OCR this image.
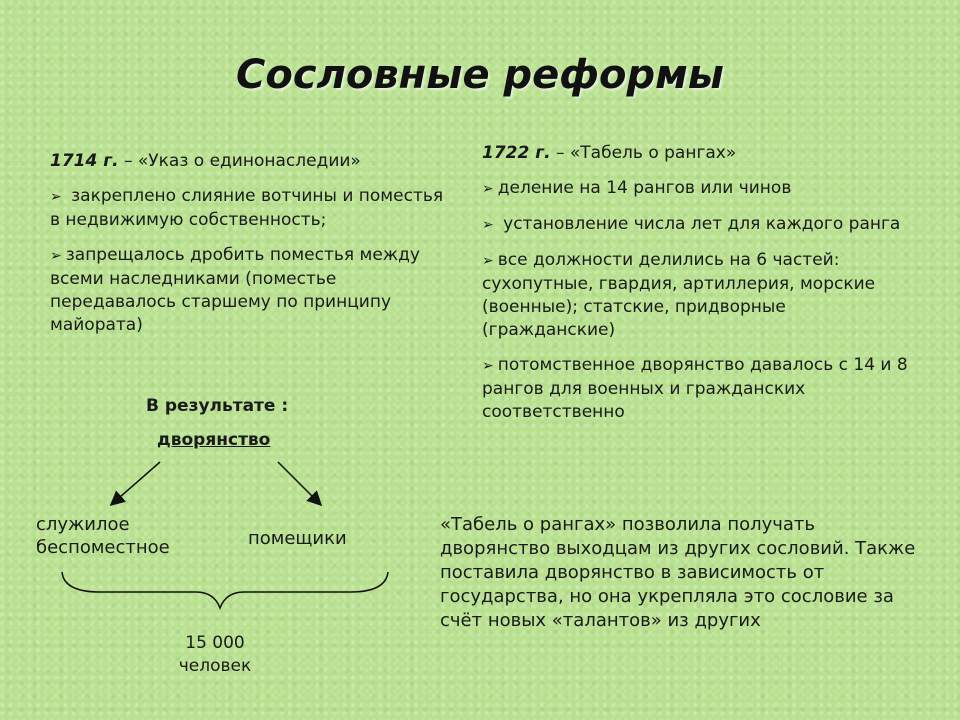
Сословные реформы

1714 г. – «Указ о единонаследии»

➢ закреплено слияние вотчины и поместья в недвижимую собственность;

➢ запрещалось дробить поместья между всеми наследниками (поместье передавалось старшему по принципу майората)

В результате :
дворянство
служилое беспоместное	помещики
15 000 человек

1722 г. – «Табель о рангах»

➢ деление на 14 рангов или чинов

➢ установление числа лет для каждого ранга

➢ все должности делились на 6 частей: сухопутные, гвардия, артиллерия, морские (военные); статские, придворные (гражданские)

➢ потомственное дворянство давалось с 14 и 8 рангов для военных и гражданских соответственно

«Табель о рангах» позволила получать дворянство выходцам из других сословий. Также поставила дворянство в зависимость от государства, но она укрепляла это сословие за счёт новых «талантов» из других
